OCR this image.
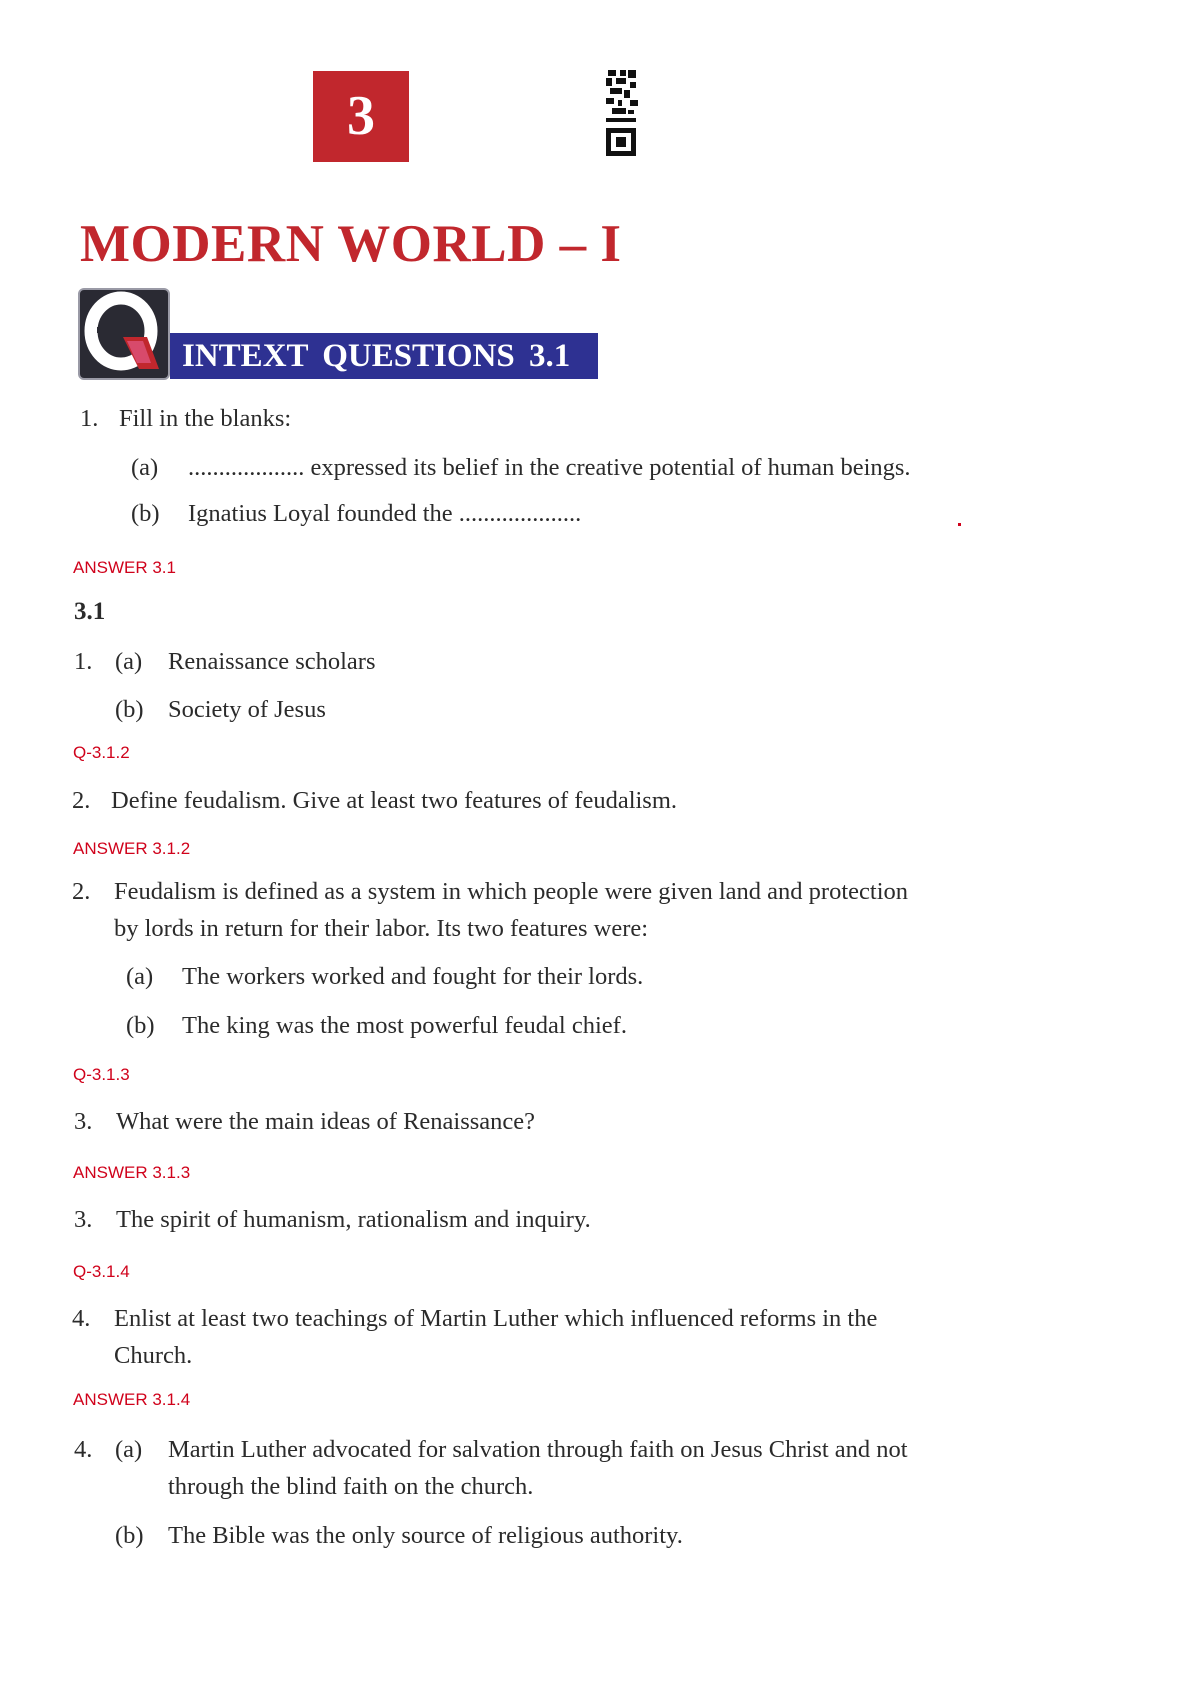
3
MODERN WORLD – I
INTEXT QUESTIONS 3.1
1. Fill in the blanks:
(a) ................... expressed its belief in the creative potential of human beings.
(b) Ignatius Loyal founded the ....................
ANSWER 3.1
3.1
1. (a) Renaissance scholars
(b) Society of Jesus
Q-3.1.2
2. Define feudalism. Give at least two features of feudalism.
ANSWER 3.1.2
2. Feudalism is defined as a system in which people were given land and protection
by lords in return for their labor. Its two features were:
(a) The workers worked and fought for their lords.
(b) The king was the most powerful feudal chief.
Q-3.1.3
3. What were the main ideas of Renaissance?
ANSWER 3.1.3
3. The spirit of humanism, rationalism and inquiry.
Q-3.1.4
4. Enlist at least two teachings of Martin Luther which influenced reforms in the
Church.
ANSWER 3.1.4
4. (a) Martin Luther advocated for salvation through faith on Jesus Christ and not
through the blind faith on the church.
(b) The Bible was the only source of religious authority.
